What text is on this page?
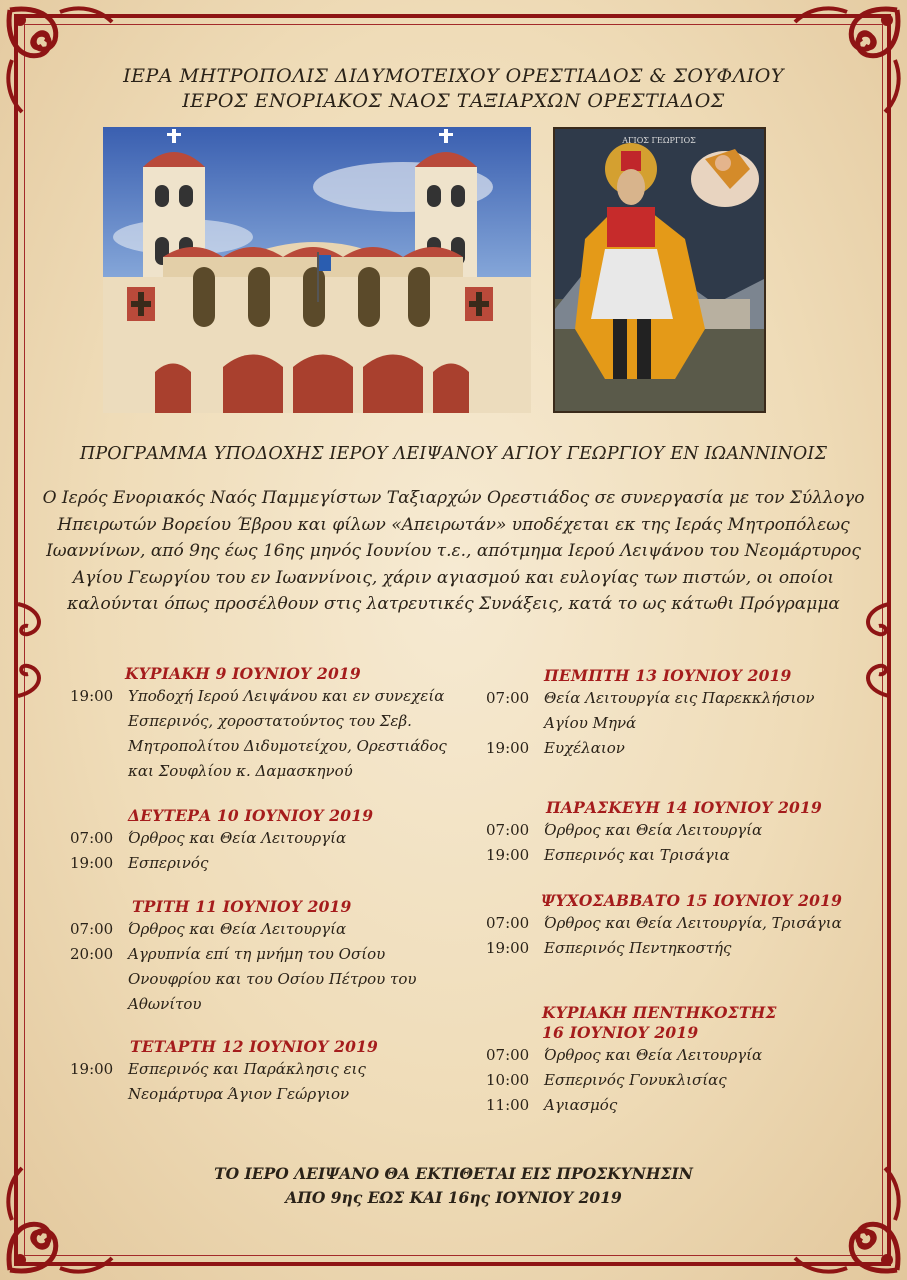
ΙΕΡΑ ΜΗΤΡΟΠΟΛΙΣ ΔΙΔΥΜΟΤΕΙΧΟΥ ΟΡΕΣΤΙΑΔΟΣ & ΣΟΥΦΛΙΟΥ
ΙΕΡΟΣ ΕΝΟΡΙΑΚΟΣ ΝΑΟΣ ΤΑΞΙΑΡΧΩΝ ΟΡΕΣΤΙΑΔΟΣ
ΑΓΙΟΣ ΓΕΩΡΓΙΟΣ
ΠΡΟΓΡΑΜΜΑ ΥΠΟΔΟΧΗΣ ΙΕΡΟΥ ΛΕΙΨΑΝΟΥ ΑΓΙΟΥ ΓΕΩΡΓΙΟΥ ΕΝ ΙΩΑΝΝΙΝΟΙΣ
Ο Ιερός Ενοριακός Ναός Παμμεγίστων Ταξιαρχών Ορεστιάδος σε συνεργασία με τον Σύλλογο Ηπειρωτών Βορείου Έβρου και φίλων «Απειρωτάν» υποδέχεται εκ της Ιεράς Μητροπόλεως Ιωαννίνων, από 9ης έως 16ης μηνός Ιουνίου τ.ε., απότμημα Ιερού Λειψάνου του Νεομάρτυρος Αγίου Γεωργίου του εν Ιωαννίνοις, χάριν αγιασμού και ευλογίας των πιστών, οι οποίοι καλούνται όπως προσέλθουν στις λατρευτικές Συνάξεις, κατά το ως κάτωθι Πρόγραμμα
ΚΥΡΙΑΚΗ 9 ΙΟΥΝΙΟΥ 2019
19:00 Υποδοχή Ιερού Λειψάνου και εν συνεχεία Εσπερινός, χοροστατούντος του Σεβ. Μητροπολίτου Διδυμοτείχου, Ορεστιάδος και Σουφλίου κ. Δαμασκηνού
ΔΕΥΤΕΡΑ 10 ΙΟΥΝΙΟΥ 2019
07:00 Όρθρος και Θεία Λειτουργία
19:00 Εσπερινός
ΤΡΙΤΗ 11 ΙΟΥΝΙΟΥ 2019
07:00 Όρθρος και Θεία Λειτουργία
20:00 Αγρυπνία επί τη μνήμη του Οσίου Ονουφρίου και του Οσίου Πέτρου του Αθωνίτου
ΤΕΤΑΡΤΗ 12 ΙΟΥΝΙΟΥ 2019
19:00 Εσπερινός και Παράκλησις εις Νεομάρτυρα Άγιον Γεώργιον
ΠΕΜΠΤΗ 13 ΙΟΥΝΙΟΥ 2019
07:00 Θεία Λειτουργία εις Παρεκκλήσιον Αγίου Μηνά
19:00 Ευχέλαιον
ΠΑΡΑΣΚΕΥΗ 14 ΙΟΥΝΙΟΥ 2019
07:00 Όρθρος και Θεία Λειτουργία
19:00 Εσπερινός και Τρισάγια
ΨΥΧΟΣΑΒΒΑΤΟ 15 ΙΟΥΝΙΟΥ 2019
07:00 Όρθρος και Θεία Λειτουργία, Τρισάγια
19:00 Εσπερινός Πεντηκοστής
ΚΥΡΙΑΚΗ ΠΕΝΤΗΚΟΣΤΗΣ
16 ΙΟΥΝΙΟΥ 2019
07:00 Όρθρος και Θεία Λειτουργία
10:00 Εσπερινός Γονυκλισίας
11:00 Αγιασμός
ΤΟ ΙΕΡΟ ΛΕΙΨΑΝΟ ΘΑ ΕΚΤΙΘΕΤΑΙ ΕΙΣ ΠΡΟΣΚΥΝΗΣΙΝ
ΑΠΟ 9ης ΕΩΣ ΚΑΙ 16ης ΙΟΥΝΙΟΥ 2019
